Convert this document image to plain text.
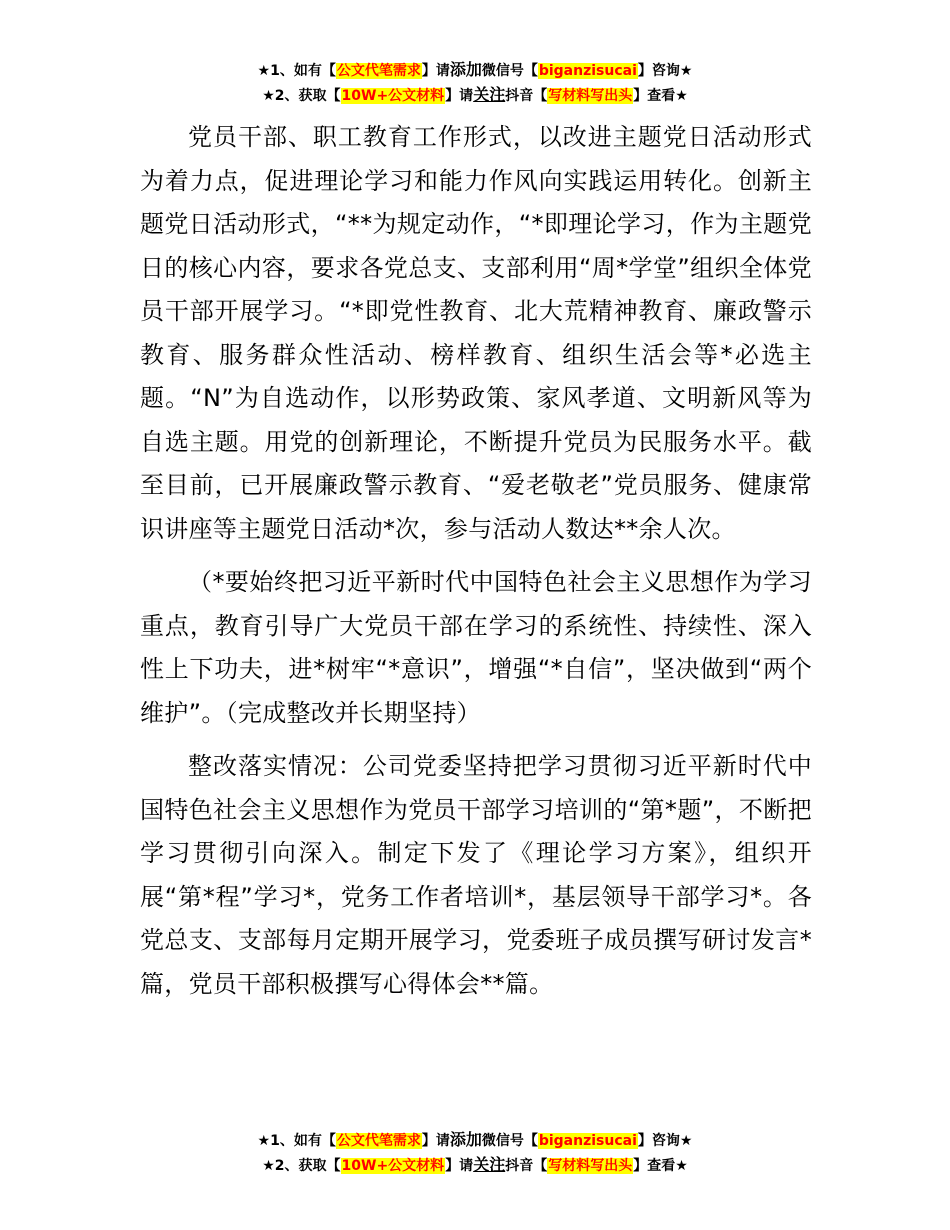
★1、如有【公文代笔需求】请添加微信号【biganzisucai】咨询★
★2、获取【10W+公文材料】请关注抖音【写材料写出头】查看★

党员干部、职工教育工作形式，以改进主题党日活动形式为着力点，促进理论学习和能力作风向实践运用转化。创新主题党日活动形式，“**为规定动作，“*即理论学习，作为主题党日的核心内容，要求各党总支、支部利用“周*学堂”组织全体党员干部开展学习。“*即党性教育、北大荒精神教育、廉政警示教育、服务群众性活动、榜样教育、组织生活会等*必选主题。“N”为自选动作，以形势政策、家风孝道、文明新风等为自选主题。用党的创新理论，不断提升党员为民服务水平。截至目前，已开展廉政警示教育、“爱老敬老”党员服务、健康常识讲座等主题党日活动*次，参与活动人数达**余人次。

（*要始终把习近平新时代中国特色社会主义思想作为学习重点，教育引导广大党员干部在学习的系统性、持续性、深入性上下功夫，进*树牢“*意识”，增强“*自信”，坚决做到“两个维护”。（完成整改并长期坚持）

整改落实情况：公司党委坚持把学习贯彻习近平新时代中国特色社会主义思想作为党员干部学习培训的“第*题”，不断把学习贯彻引向深入。制定下发了《理论学习方案》，组织开展“第*程”学习*，党务工作者培训*，基层领导干部学习*。各党总支、支部每月定期开展学习，党委班子成员撰写研讨发言*篇，党员干部积极撰写心得体会**篇。

★1、如有【公文代笔需求】请添加微信号【biganzisucai】咨询★
★2、获取【10W+公文材料】请关注抖音【写材料写出头】查看★
